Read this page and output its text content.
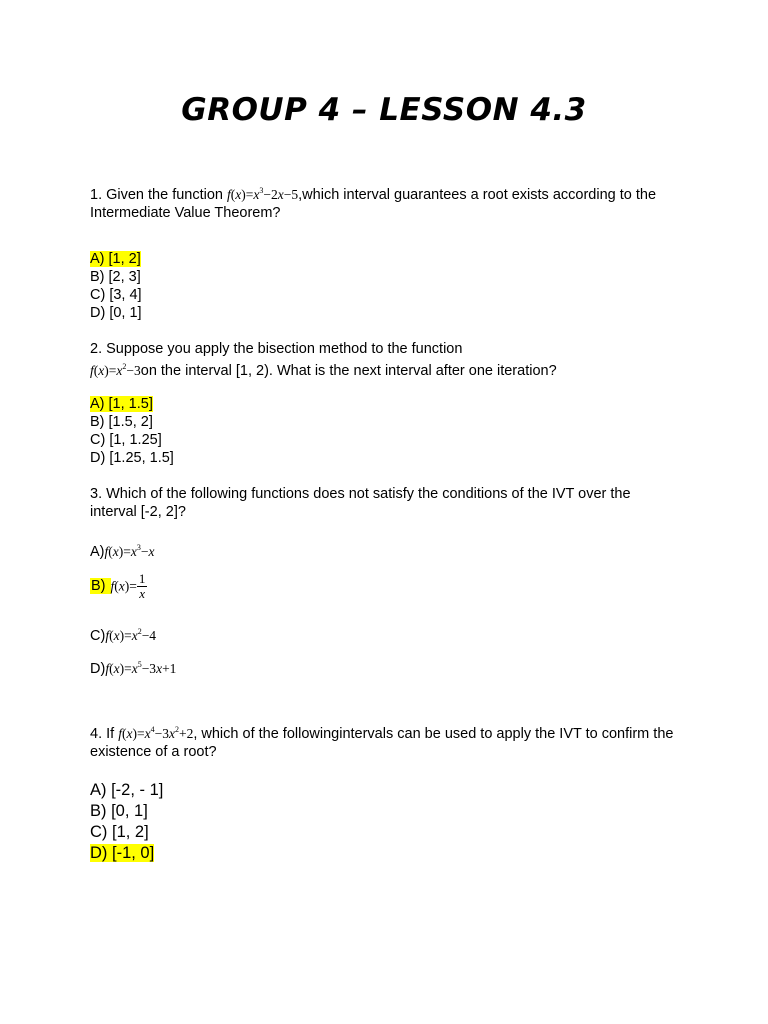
GROUP 4 – LESSON 4.3
1. Given the function $f(x)=x^3-2x-5,which$ interval guarantees a root exists according to the Intermediate Value Theorem?
A) [1, 2]
B) [2, 3]
C) [3, 4]
D) [0, 1]
2. Suppose you apply the bisection method to the function
$f(x)=x^2-3on$ the interval [1, 2). What is the next interval after one iteration?
A) [1, 1.5]
B) [1.5, 2]
C) [1, 1.25]
D) [1.25, 1.5]
3. Which of the following functions does not satisfy the conditions of the IVT over the interval [-2, 2]?
$A)f(x)=x^3-x$
B) $f(x)= \frac{1}{x}$
$C)f(x)=x^2-4$
$D)f(x)=x^5-3x+1$
4. If $f(x)=x^4-3x^2+2$, which of the followingintervals can be used to apply the IVT to confirm the existence of a root?
A) [-2, - 1]
B) [0, 1]
C) [1, 2]
D) [-1, 0]
